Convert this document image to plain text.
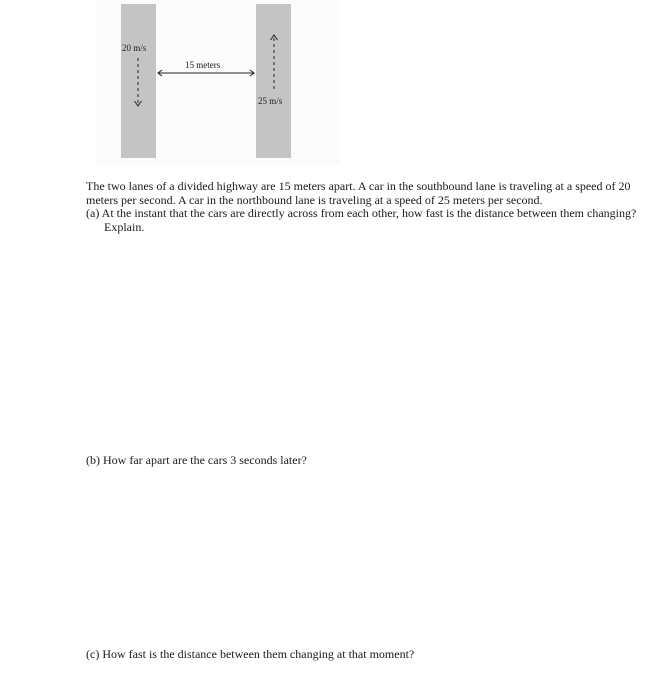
20 m/s
15 meters
25 m/s

The two lanes of a divided highway are 15 meters apart. A car in the southbound lane is traveling at a speed of 20 meters per second. A car in the northbound lane is traveling at a speed of 25 meters per second.

(a) At the instant that the cars are directly across from each other, how fast is the distance between them changing? Explain.

(b) How far apart are the cars 3 seconds later?
(c) How fast is the distance between them changing at that moment?
